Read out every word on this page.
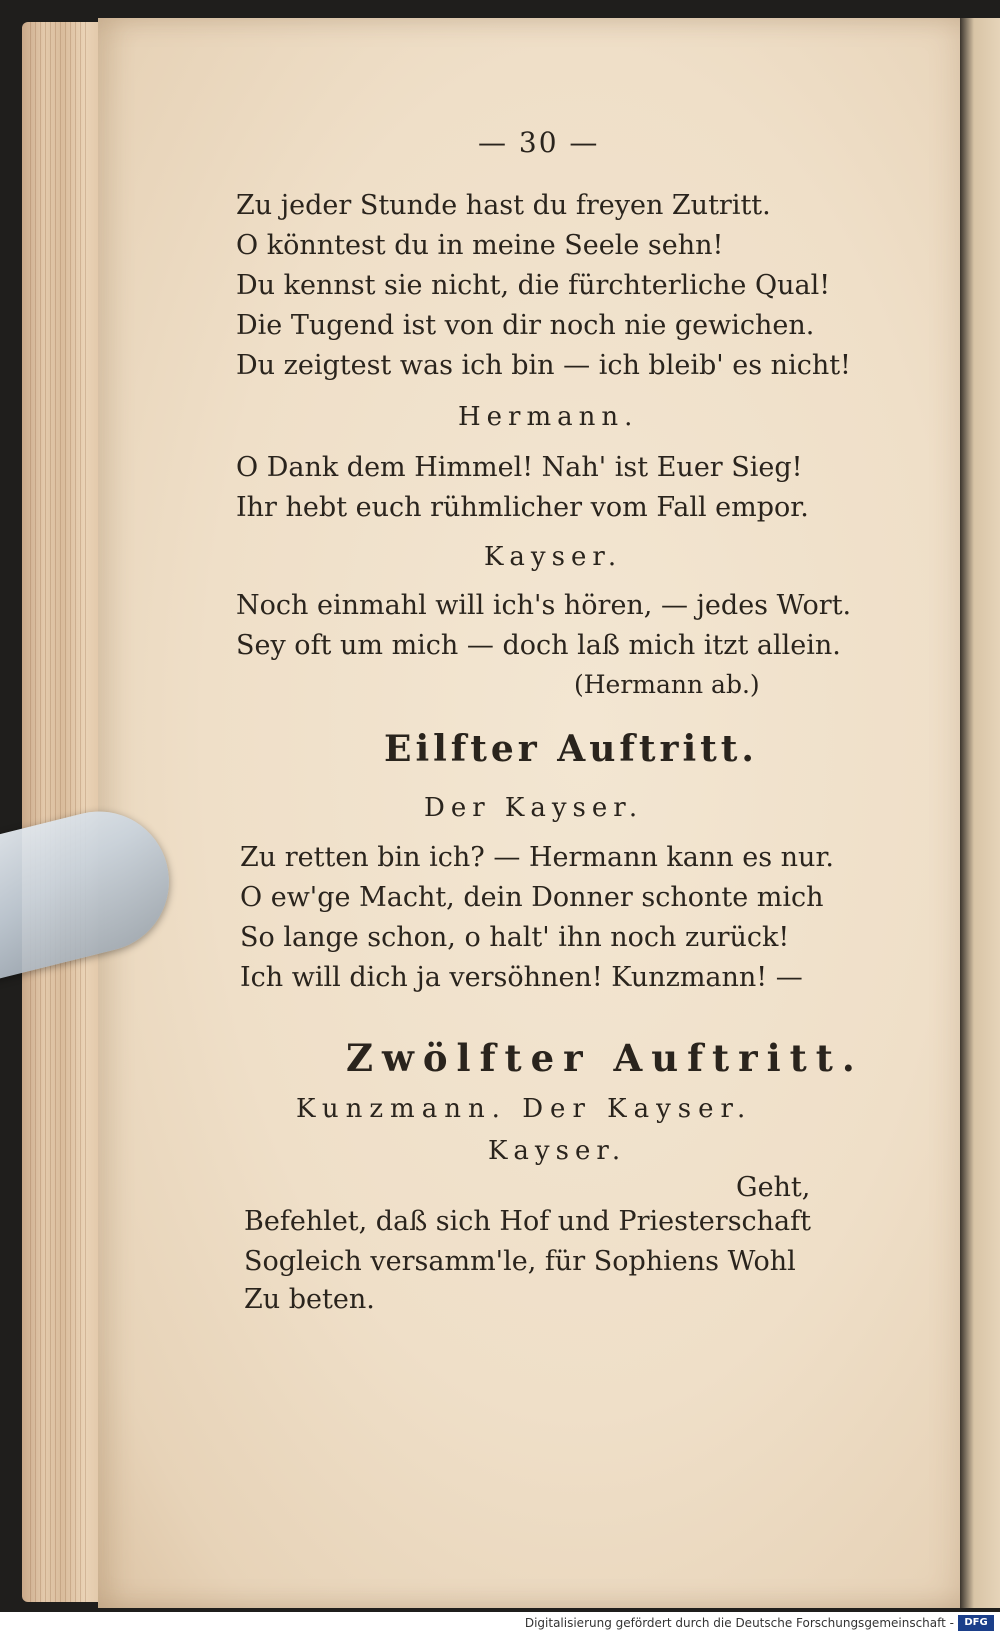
— 30 —
Zu jeder Stunde hast du freyen Zutritt.
O könntest du in meine Seele sehn!
Du kennst sie nicht, die fürchterliche Qual!
Die Tugend ist von dir noch nie gewichen.
Du zeigtest was ich bin — ich bleib' es nicht!
Hermann.
O Dank dem Himmel! Nah' ist Euer Sieg!
Ihr hebt euch rühmlicher vom Fall empor.
Kayser.
Noch einmahl will ich's hören, — jedes Wort.
Sey oft um mich — doch laß mich itzt allein.
(Hermann ab.)
Eilfter Auftritt.
Der Kayser.
Zu retten bin ich? — Hermann kann es nur.
O ew'ge Macht, dein Donner schonte mich
So lange schon, o halt' ihn noch zurück!
Ich will dich ja versöhnen! Kunzmann! —
Zwölfter Auftritt.
Kunzmann. Der Kayser.
Kayser.
Geht,
Befehlet, daß sich Hof und Priesterschaft
Sogleich versamm'le, für Sophiens Wohl
Zu beten.
Digitalisierung gefördert durch die Deutsche Forschungsgemeinschaft -	DFG
